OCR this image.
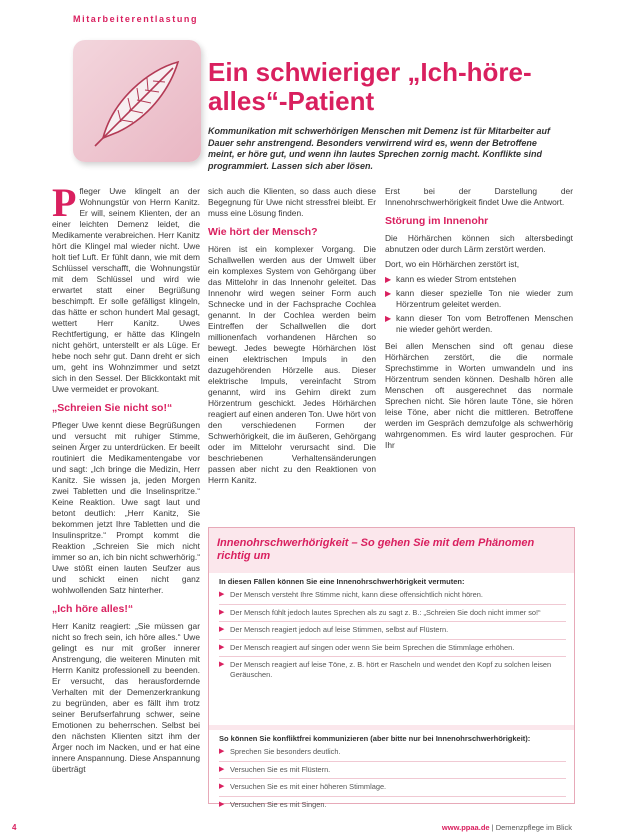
Mitarbeiterentlastung
Ein schwieriger „Ich-höre-alles“-Patient

Kommunikation mit schwerhörigen Menschen mit Demenz ist für Mitarbeiter auf Dauer sehr anstrengend. Besonders verwirrend wird es, wenn der Betroffene meint, er höre gut, und wenn ihn lautes Sprechen zornig macht. Konflikte sind programmiert. Lassen sich aber lösen.

Pfleger Uwe klingelt an der Wohnungstür von Herrn Kanitz. Er will, seinem Klienten, der an einer leichten Demenz leidet, die Medikamente verabreichen. Herr Kanitz hört die Klingel mal wieder nicht. Uwe holt tief Luft. Er fühlt dann, wie mit dem Schlüssel verschafft, die Wohnungstür mit dem Schlüssel und wird wie erwartet statt einer Begrüßung beschimpft. Er solle gefälligst klingeln, das hätte er schon hundert Mal gesagt, wettert Herr Kanitz. Uwes Rechtfertigung, er hätte das Klingeln nicht gehört, unterstellt er als Lüge. Er hebe noch sehr gut. Dann dreht er sich um, geht ins Wohnzimmer und setzt sich in den Sessel. Der Blickkontakt mit Uwe vermeidet er provokant.

„Schreien Sie nicht so!“

Pfleger Uwe kennt diese Begrüßungen und versucht mit ruhiger Stimme, seinen Ärger zu unterdrücken. Er beeilt routiniert die Medikamentengabe vor und sagt: „Ich bringe die Medizin, Herr Kanitz. Sie wissen ja, jeden Morgen zwei Tabletten und die Inselinspritze.“ Keine Reaktion. Uwe sagt laut und betont deutlich: „Herr Kanitz, Sie bekommen jetzt Ihre Tabletten und die Insulinspritze.“ Prompt kommt die Reaktion „Schreien Sie mich nicht immer so an, ich bin nicht schwerhörig.“ Uwe stößt einen lauten Seufzer aus und schickt einen nicht ganz wohlwollenden Satz hinterher.

„Ich höre alles!“

Herr Kanitz reagiert: „Sie müssen gar nicht so frech sein, ich höre alles.“ Uwe gelingt es nur mit großer innerer Anstrengung, die weiteren Minuten mit Herrn Kanitz professionell zu beenden. Er versucht, das herausfordernde Verhalten mit der Demenzerkrankung zu begründen, aber es fällt ihm trotz seiner Berufserfahrung schwer, seine Emotionen zu beherrschen. Selbst bei den nächsten Klienten sitzt ihm der Ärger noch im Nacken, und er hat eine innere Anspannung. Diese Anspannung überträgt

sich auch die Klienten, so dass auch diese Begegnung für Uwe nicht stressfrei bleibt. Er muss eine Lösung finden.

Wie hört der Mensch?

Hören ist ein komplexer Vorgang. Die Schallwellen werden aus der Umwelt über ein komplexes System von Gehörgang über das Mittelohr in das Innenohr geleitet. Das Innenohr wird wegen seiner Form auch Schnecke und in der Fachsprache Cochlea genannt. In der Cochlea werden beim Eintreffen der Schallwellen die dort millionenfach vorhandenen Härchen so bewegt. Jedes bewegte Hörhärchen löst einen elektrischen Impuls in den dazugehörenden Hörzelle aus. Dieser elektrische Impuls, vereinfacht Strom genannt, wird ins Gehirn direkt zum Hörzentrum geschickt. Jedes Hörhärchen reagiert auf einen anderen Ton. Uwe hört von den verschiedenen Formen der Schwerhörigkeit, die im äußeren, Gehörgang oder im Mittelohr verursacht sind. Die beschriebenen Verhaltensänderungen passen aber nicht zu den Reaktionen von Herrn Kanitz.

Erst bei der Darstellung der Innenohrschwerhörigkeit findet Uwe die Antwort.

Störung im Innenohr

Die Hörhärchen können sich altersbedingt abnutzen oder durch Lärm zerstört werden.

Dort, wo ein Hörhärchen zerstört ist,

▶ kann es wieder Strom entstehen
▶ kann dieser spezielle Ton nie wieder zum Hörzentrum geleitet werden.
▶ kann dieser Ton vom Betroffenen Menschen nie wieder gehört werden.

Bei allen Menschen sind oft genau diese Hörhärchen zerstört, die die normale Sprechstimme in Worten umwandeln und ins Hörzentrum senden können. Deshalb hören alle Menschen oft ausgerechnet das normale Sprechen nicht. Sie hören laute Töne, sie hören leise Töne, aber nicht die mittleren. Betroffene werden im Gespräch demzufolge als schwerhörig wahrgenommen. Es wird lauter gesprochen. Für Ihr

Innenohrschwerhörigkeit – So gehen Sie mit dem Phänomen richtig um
In diesen Fällen können Sie eine Innenohrschwerhörigkeit vermuten:
▶ Der Mensch versteht Ihre Stimme nicht, kann diese offensichtlich nicht hören.
▶ Der Mensch fühlt jedoch lautes Sprechen als zu sagt z. B.: „Schreien Sie doch nicht immer so!“
▶ Der Mensch reagiert jedoch auf leise Stimmen, selbst auf Flüstern.
▶ Der Mensch reagiert auf singen oder wenn Sie beim Sprechen die Stimmlage erhöhen.
▶ Der Mensch reagiert auf leise Töne, z. B. hört er Rascheln und wendet den Kopf zu solchen leisen Geräuschen.
So können Sie konfliktfrei kommunizieren (aber bitte nur bei Innenohrschwerhörigkeit):
▶ Sprechen Sie besonders deutlich.
▶ Versuchen Sie es mit Flüstern.
▶ Versuchen Sie es mit einer höheren Stimmlage.
▶ Versuchen Sie es mit Singen.
4	www.ppaa.de | Demenzpflege im Blick
